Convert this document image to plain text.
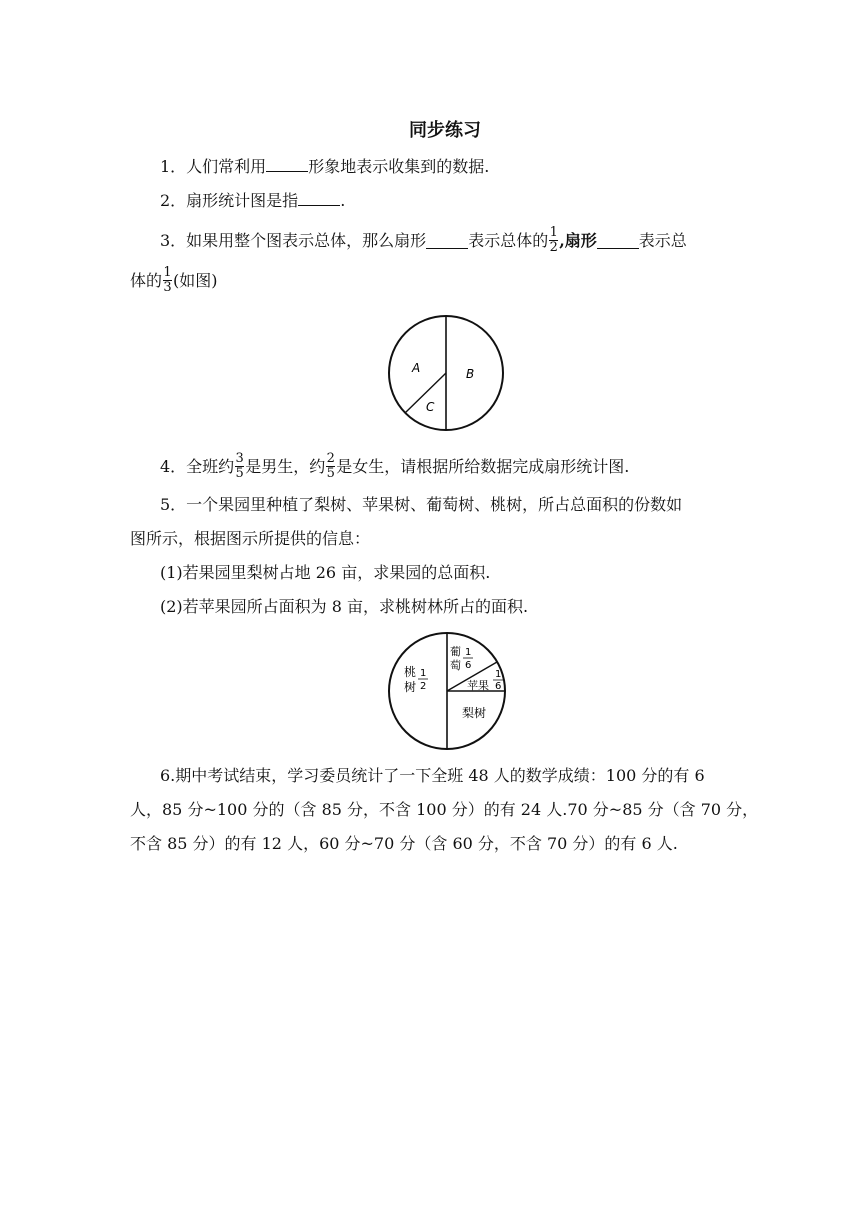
同步练习
1．人们常利用	形象地表示收集到的数据.
2．扇形统计图是指	.
3．如果用整个图表示总体，那么扇形	表示总体的 $\frac{1}{2}$ ,扇形	表示总
体的 $\frac{1}{3}$ (如图)
A	B
C
4．全班约 $\frac{3}{5}$ 是男生，约 $\frac{2}{5}$ 是女生，请根据所给数据完成扇形统计图.
5．一个果园里种植了梨树、苹果树、葡萄树、桃树，所占总面积的份数如
图所示，根据图示所提供的信息：
(1)若果园里梨树占地 26 亩，求果园的总面积.
(2)若苹果园所占面积为 8 亩，求桃树林所占的面积.
桃
树
1
2
葡
萄
1
6
苹果
1
6
梨树
6.期中考试结束，学习委员统计了一下全班 48 人的数学成绩：100 分的有 6
人，85 分~100 分的（含 85 分，不含 100 分）的有 24 人.70 分~85 分（含 70 分，
不含 85 分）的有 12 人，60 分~70 分（含 60 分，不含 70 分）的有 6 人.
